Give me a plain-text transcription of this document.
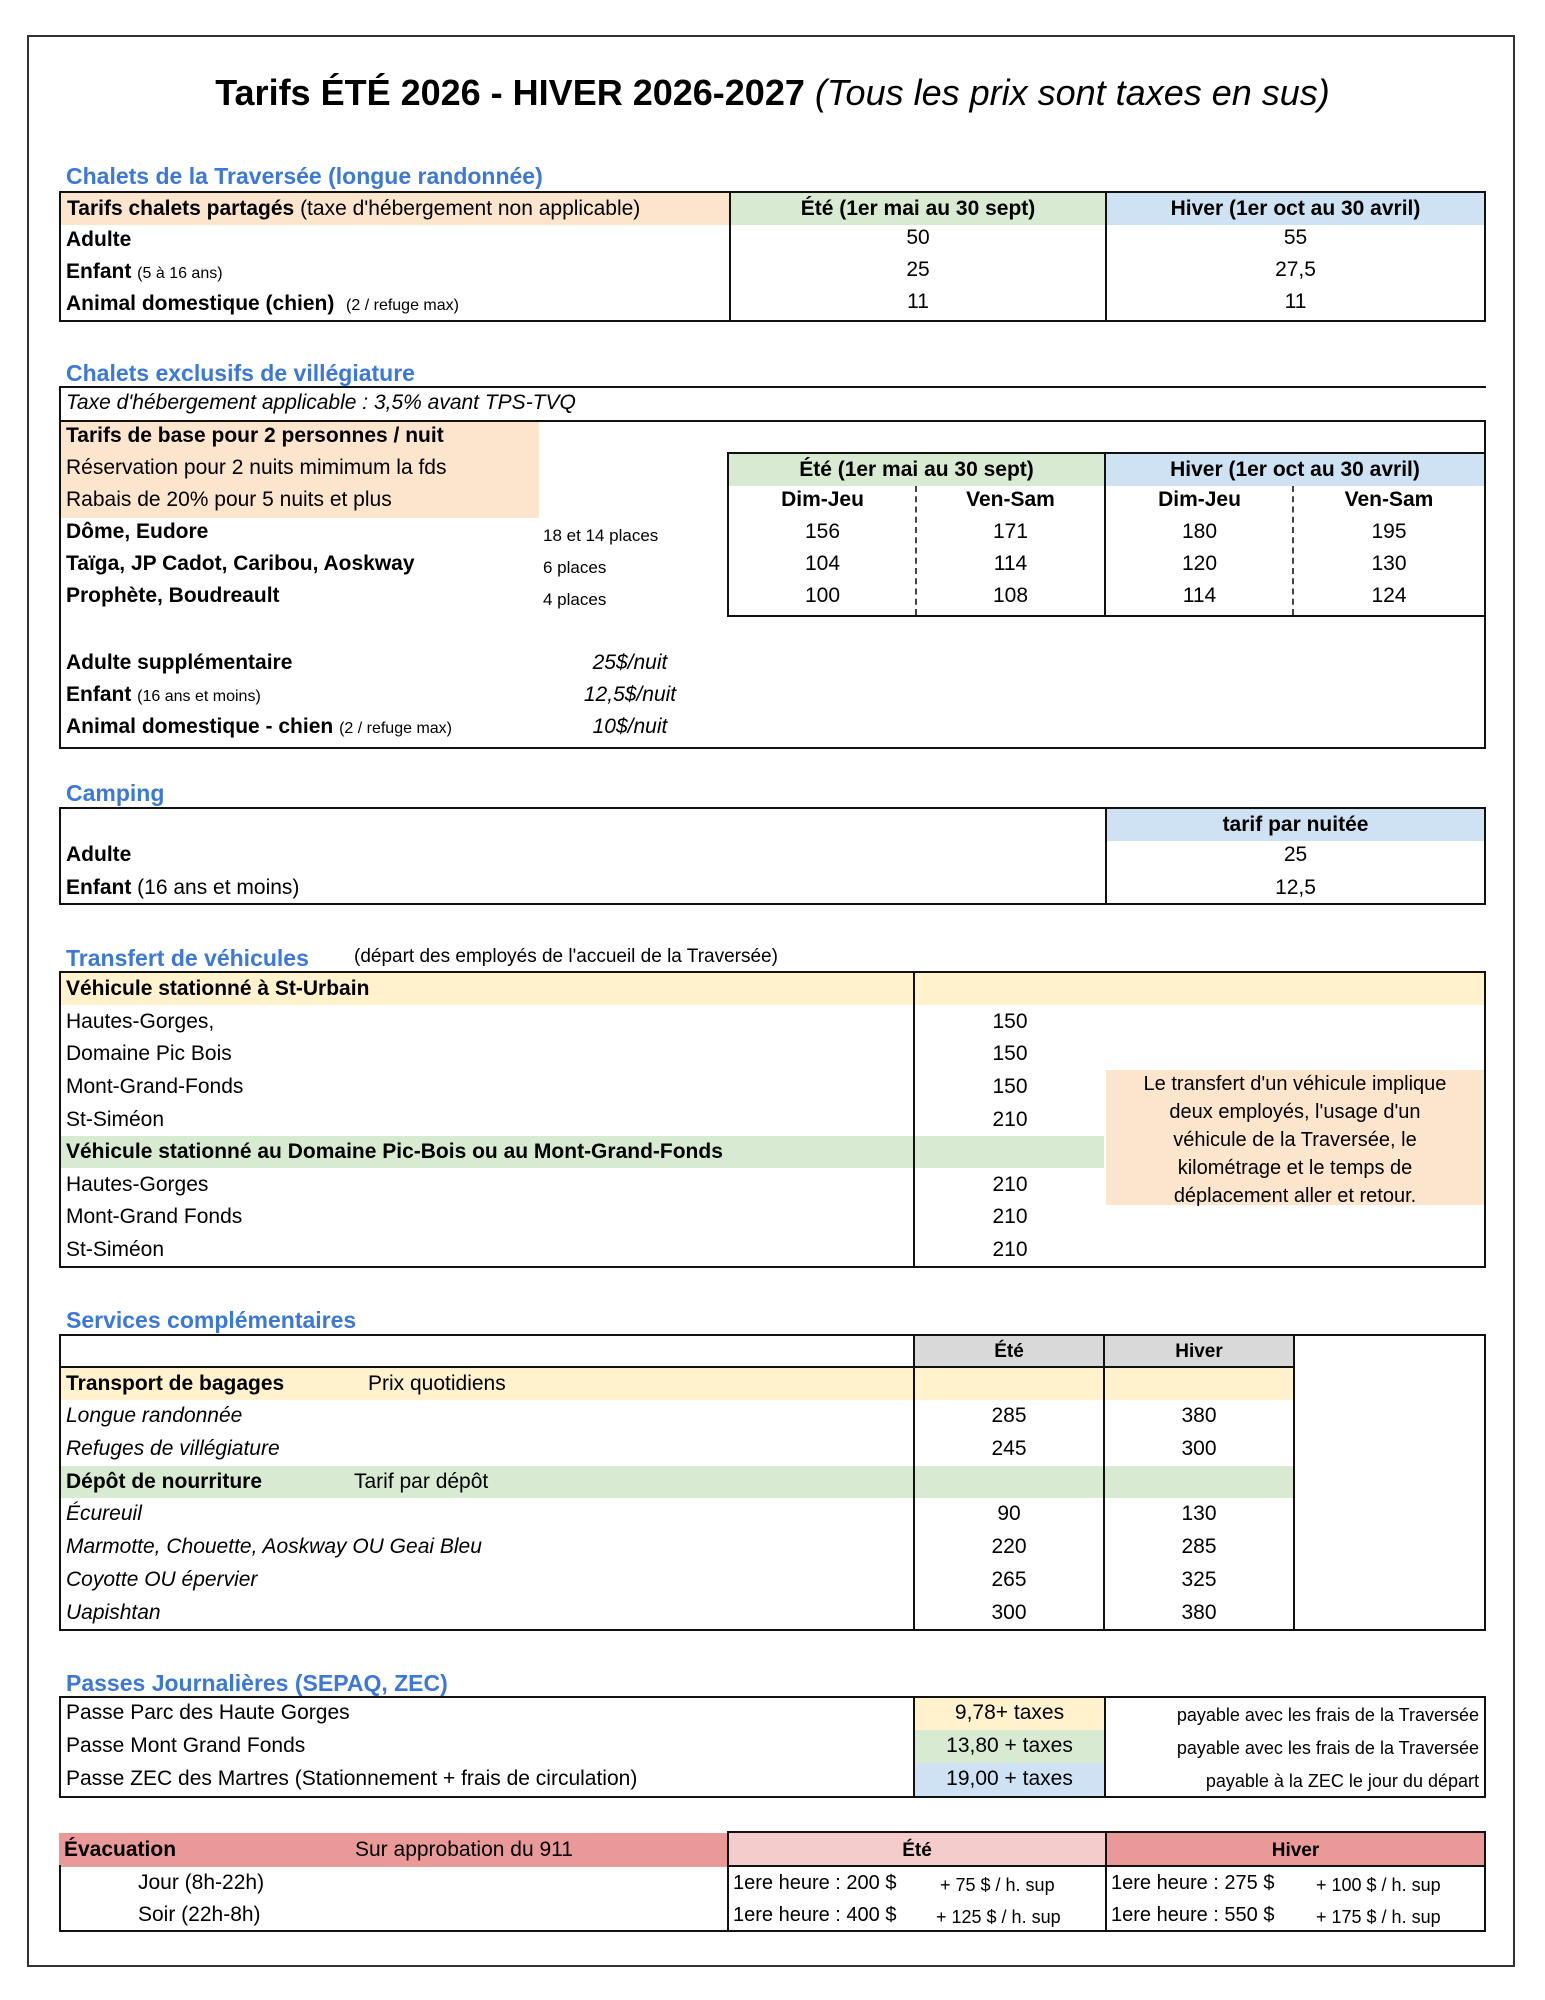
Tarifs ÉTÉ 2026 - HIVER 2026-2027 (Tous les prix sont taxes en sus)
Chalets de la Traversée (longue randonnée)
Tarifs chalets partagés (taxe d'hébergement non applicable)	Été (1er mai au 30 sept)	Hiver (1er oct au 30 avril)
Adulte	50	55
Enfant (5 à 16 ans)	25	27,5
Animal domestique (chien) (2 / refuge max)	11	11
Chalets exclusifs de villégiature
Taxe d'hébergement applicable : 3,5% avant TPS-TVQ
Tarifs de base pour 2 personnes / nuit
Réservation pour 2 nuits mimimum la fds
Rabais de 20% pour 5 nuits et plus
Été (1er mai au 30 sept)	Hiver (1er oct au 30 avril)
Dim-Jeu	Ven-Sam	Dim-Jeu	Ven-Sam
Dôme, Eudore	18 et 14 places	156	171	180	195
Taïga, JP Cadot, Caribou, Aoskway	6 places	104	114	120	130
Prophète, Boudreault	4 places	100	108	114	124
Adulte supplémentaire	25$/nuit
Enfant (16 ans et moins)	12,5$/nuit
Animal domestique - chien (2 / refuge max)	10$/nuit
Camping
tarif par nuitée
Adulte	25
Enfant (16 ans et moins)	12,5
Transfert de véhicules (départ des employés de l'accueil de la Traversée)
Véhicule stationné à St-Urbain
Hautes-Gorges,	150
Domaine Pic Bois	150
Mont-Grand-Fonds	150
St-Siméon	210
Véhicule stationné au Domaine Pic-Bois ou au Mont-Grand-Fonds
Hautes-Gorges	210
Mont-Grand Fonds	210
St-Siméon	210
Le transfert d'un véhicule implique
deux employés, l'usage d'un
véhicule de la Traversée, le
kilométrage et le temps de
déplacement aller et retour.
Services complémentaires
Été	Hiver
Transport de bagages	Prix quotidiens
Longue randonnée	285	380
Refuges de villégiature	245	300
Dépôt de nourriture	Tarif par dépôt
Écureuil	90	130
Marmotte, Chouette, Aoskway OU Geai Bleu	220	285
Coyotte OU épervier	265	325
Uapishtan	300	380
Passes Journalières (SEPAQ, ZEC)
Passe Parc des Haute Gorges	9,78+ taxes	payable avec les frais de la Traversée
Passe Mont Grand Fonds	13,80 + taxes	payable avec les frais de la Traversée
Passe ZEC des Martres (Stationnement + frais de circulation)	19,00 + taxes	payable à la ZEC le jour du départ
Évacuation	Sur approbation du 911	Été	Hiver
Jour (8h-22h)	1ere heure : 200 $ + 75 $ / h. sup	1ere heure : 275 $ + 100 $ / h. sup
Soir (22h-8h)	1ere heure : 400 $ + 125 $ / h. sup	1ere heure : 550 $ + 175 $ / h. sup
